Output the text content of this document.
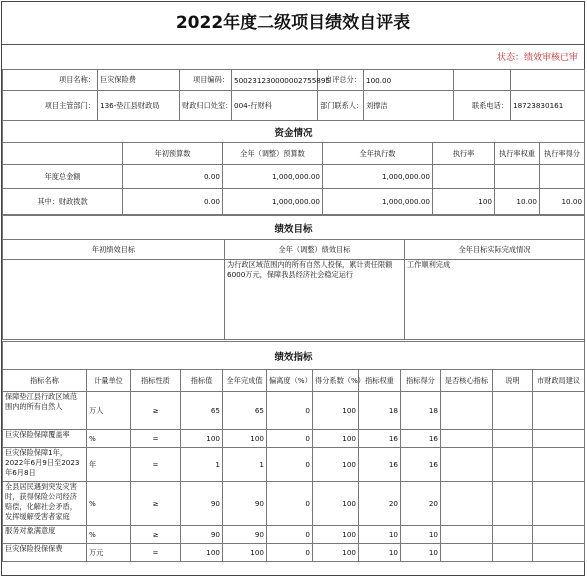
2022年度二级项目绩效自评表
状态：绩效审核已审
项目名称：	巨灾保险费	项目编码：	500231230000002755895	自评总分：	100.00		
项目主管部门：	136-垫江县财政局	财政归口处室：	004-行财科	部门联系人：	刘撑洁	联系电话：	18723830161
资金情况						
	年初预算数	全年（调整）预算数	全年执行数	执行率	执行率权重	执行率得分
年度总金额	0.00	1,000,000.00	1,000,000.00			
其中：财政拨款	0.00	1,000,000.00	1,000,000.00	100	10.00	10.00
绩效目标		
年初绩效目标	全年（调整）绩效目标	全年目标实际完成情况
	为行政区域范围内的所有自然人投保，累计责任限额6000万元，保障我县经济社会稳定运行	工作顺利完成
绩效指标
指标名称	计量单位	指标性质	指标值	全年完成值	偏离度（%）	得分系数（%）	指标权重	指标得分	是否核心指标	说明	市财政局建议
保障垫江县行政区域范围内的所有自然人	万人	≥	65	65	0	100	18	18			
巨灾保险保障覆盖率	%	=	100	100	0	100	16	16			
巨灾保险保障1年，2022年6月9日至2023年6月8日	年	=	1	1	0	100	16	16			
全县居民遇到突发灾害时，获得保险公司经济赔偿，化解社会矛盾，发挥缓解受害者家庭	%	≥	90	90	0	100	20	20			
服务对象满意度	%	≥	90	90	0	100	10	10			
巨灾保险投保保费	万元	=	100	100	0	100	10	10			
